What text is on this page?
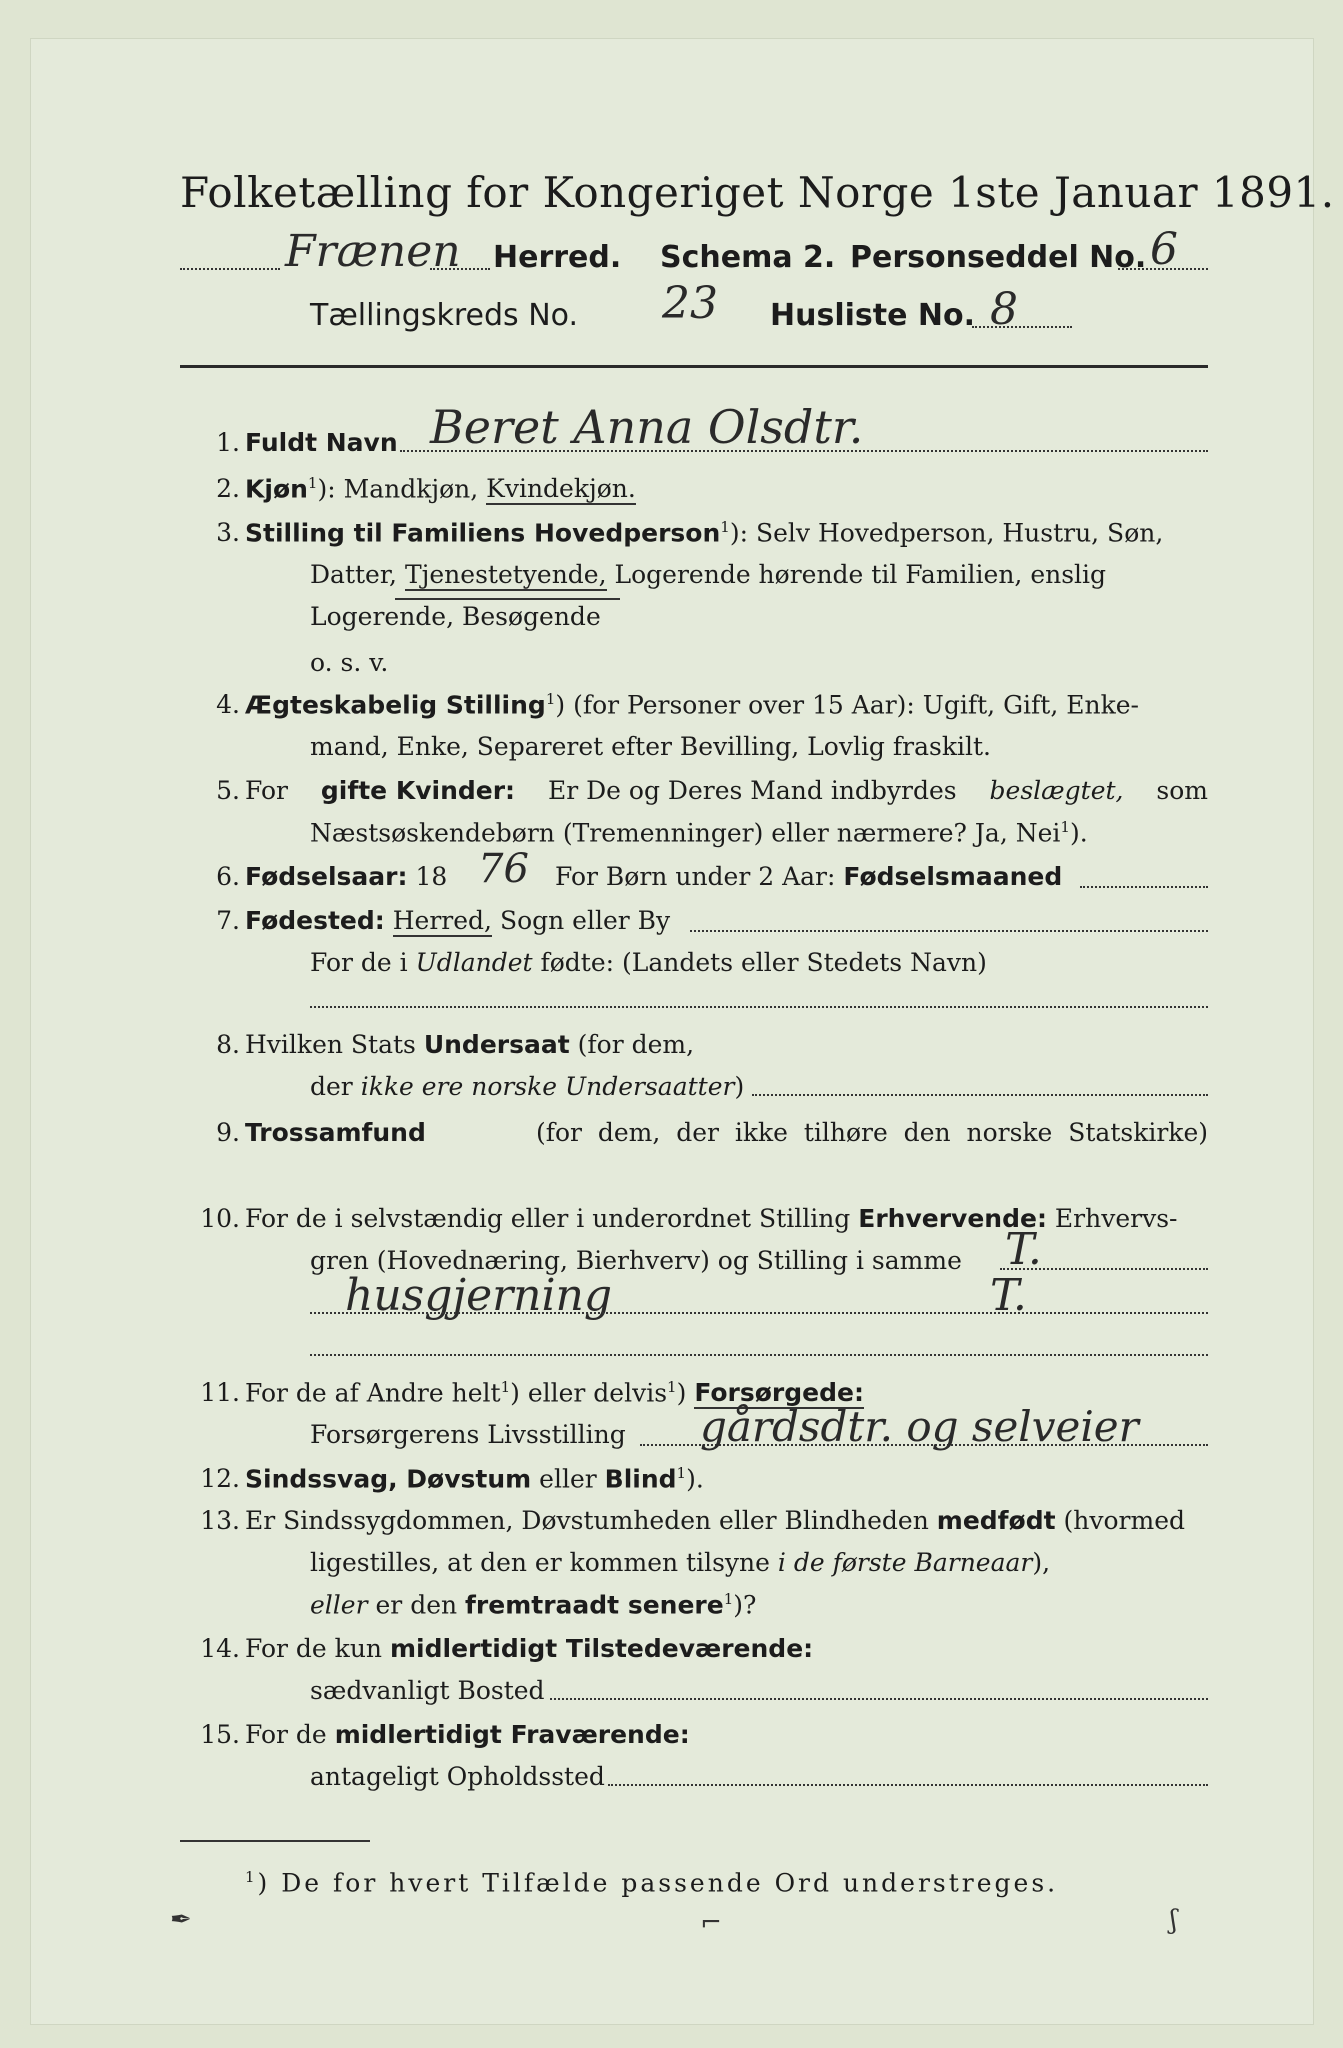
Folketælling for Kongeriget Norge 1ste Januar 1891.
Frænen Herred. Schema 2. Personseddel No. 6
Tællingskreds No. 23 Husliste No. 8
1. Fuldt Navn Beret Anna Olsdtr.
2. Kjøn$^1$): Mandkjøn, Kvindekjøn.
3. Stilling til Familiens Hovedperson$^1$): Selv Hovedperson, Hustru, Søn,
Datter, Tjenestetyende, Logerende hørende til Familien, enslig
Logerende, Besøgende
o. s. v.
4. Ægteskabelig Stilling$^1$) (for Personer over 15 Aar): Ugift, Gift, Enke-
mand, Enke, Separeret efter Bevilling, Lovlig fraskilt.
5. For gifte Kvinder: Er De og Deres Mand indbyrdes beslægtet, som
Næstsøskendebørn (Tremenninger) eller nærmere? Ja, Nei$^1$).
6. Fødselsaar: 18 76 For Børn under 2 Aar: Fødselsmaaned
7. Fødested: Herred, Sogn eller By
For de i Udlandet fødte: (Landets eller Stedets Navn)
8. Hvilken Stats Undersaat (for dem,
der ikke ere norske Undersaatter)
9. Trossamfund	(for  dem,  der  ikke  tilhøre  den  norske  Statskirke)
10. For de i selvstændig eller i underordnet Stilling Erhvervende: Erhvervs-
gren (Hovednæring, Bierhverv) og Stilling i samme T.
husgjerning	T.
11. For de af Andre helt$^1$) eller delvis$^1$) Forsørgede:
Forsørgerens Livsstilling gårdsdtr. og selveier
12. Sindssvag, Døvstum eller Blind$^1$).
13. Er Sindssygdommen, Døvstumheden eller Blindheden medfødt (hvormed
ligestilles, at den er kommen tilsyne i de første Barneaar),
eller er den fremtraadt senere$^1$)?
14. For de kun midlertidigt Tilstedeværende:
sædvanligt Bosted
15. For de midlertidigt Fraværende:
antageligt Opholdssted
$^1$) De for hvert Tilfælde passende Ord understreges.
✒	⌐	ʃ
